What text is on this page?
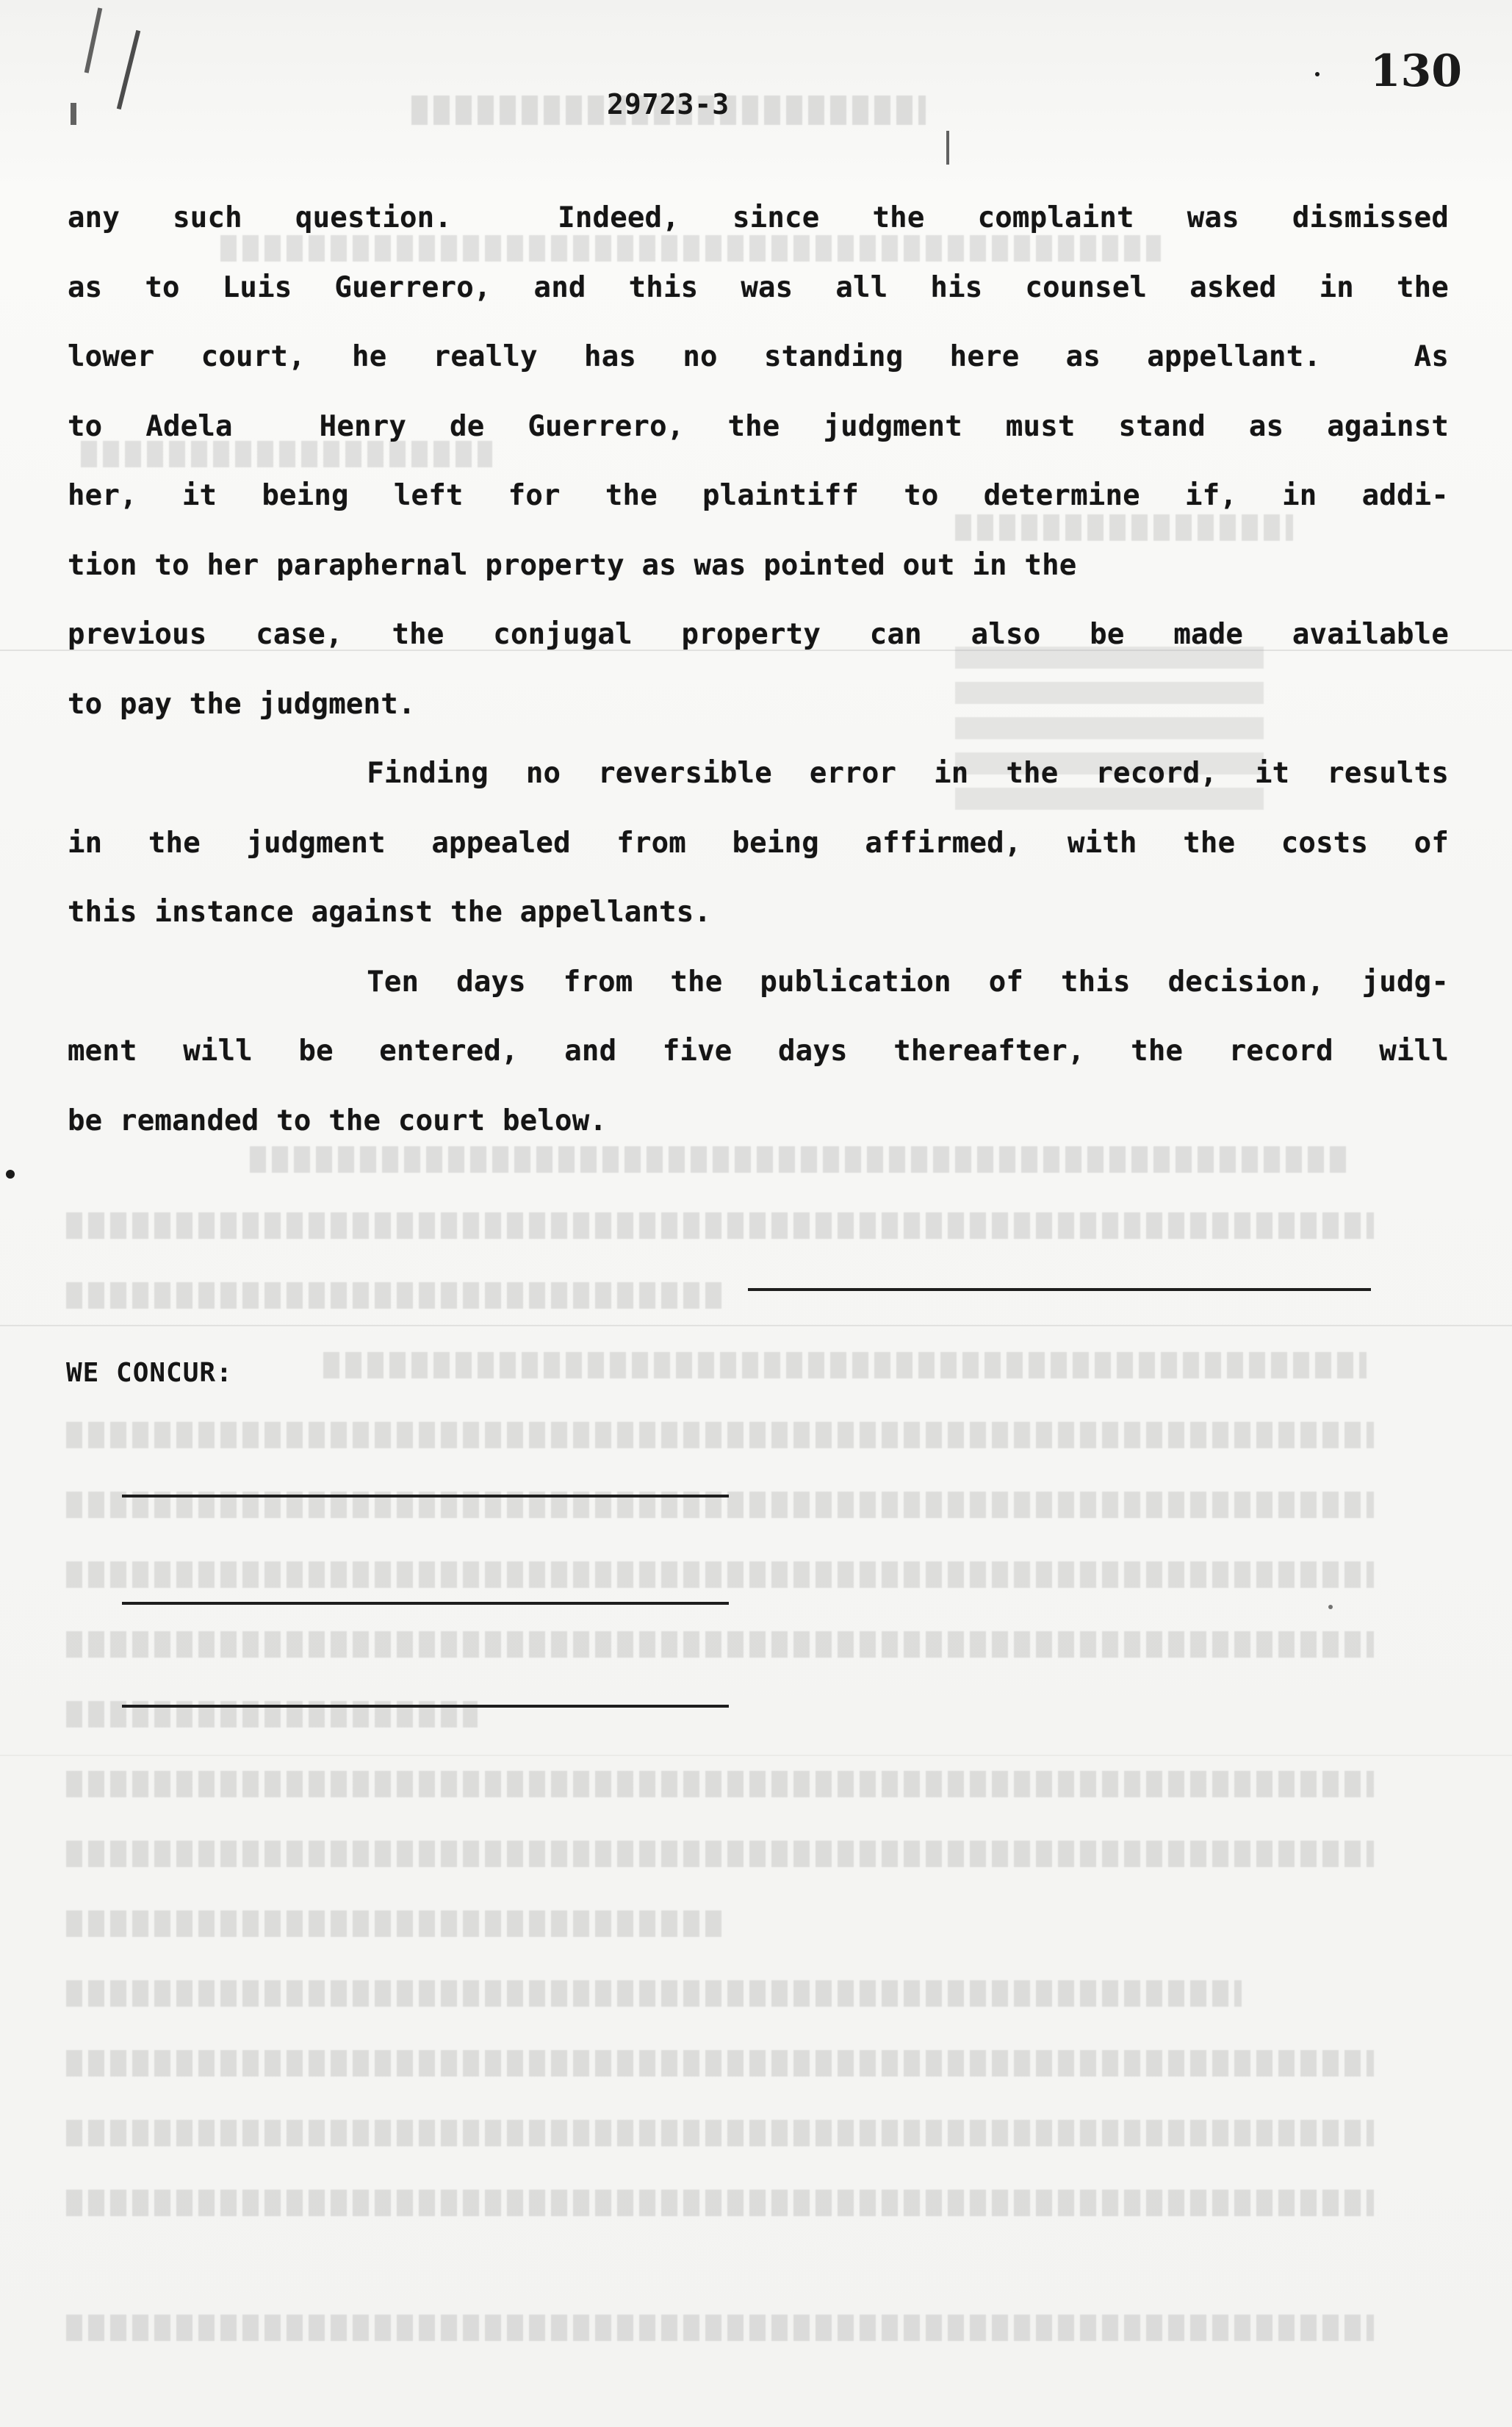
130
29723-3
any such question.  Indeed, since the complaint was dismissed
as to Luis Guerrero, and this was all his counsel asked in the
lower court, he really has no standing here as appellant.  As
to Adela  Henry de Guerrero, the judgment must stand as against
her, it being left for the plaintiff to determine if, in addi-
tion to her paraphernal property as was pointed out in the
previous case, the conjugal property can also be made available
to pay the judgment.
Finding no reversible error in the record, it results
in the judgment appealed from being affirmed, with the costs of
this instance against the appellants.
Ten days from the publication of this decision, judg-
ment will be entered, and five days thereafter, the record will
be remanded to the court below.
WE CONCUR:
